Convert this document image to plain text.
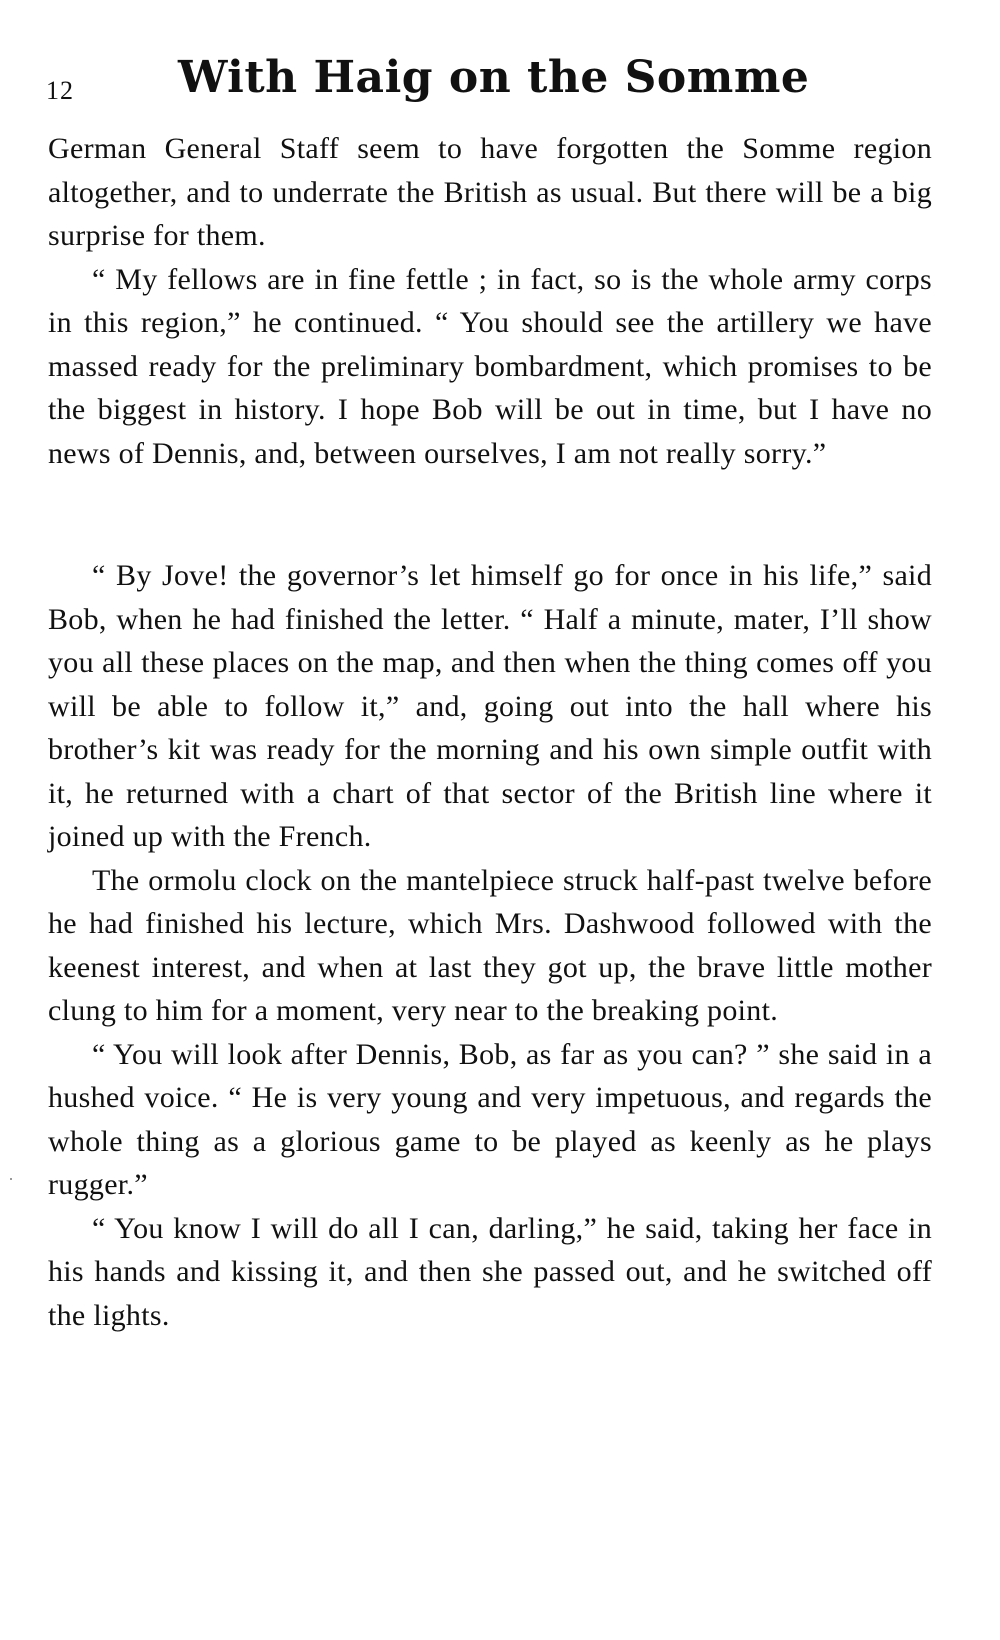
12 With Haig on the Somme

German General Staff seem to have forgotten the Somme region altogether, and to underrate the British as usual. But there will be a big surprise for them.

“ My fellows are in fine fettle ; in fact, so is the whole army corps in this region,” he continued. “ You should see the artillery we have massed ready for the preliminary bombardment, which promises to be the biggest in history. I hope Bob will be out in time, but I have no news of Dennis, and, between ourselves, I am not really sorry.”

“ By Jove! the governor’s let himself go for once in his life,” said Bob, when he had finished the letter. “ Half a minute, mater, I’ll show you all these places on the map, and then when the thing comes off you will be able to follow it,” and, going out into the hall where his brother’s kit was ready for the morning and his own simple outfit with it, he returned with a chart of that sector of the British line where it joined up with the French.

The ormolu clock on the mantelpiece struck half-past twelve before he had finished his lecture, which Mrs. Dashwood followed with the keenest interest, and when at last they got up, the brave little mother clung to him for a moment, very near to the breaking point.

“ You will look after Dennis, Bob, as far as you can? ” she said in a hushed voice. “ He is very young and very impetuous, and regards the whole thing as a glorious game to be played as keenly as he plays rugger.”

“ You know I will do all I can, darling,” he said, taking her face in his hands and kissing it, and then she passed out, and he switched off the lights.
